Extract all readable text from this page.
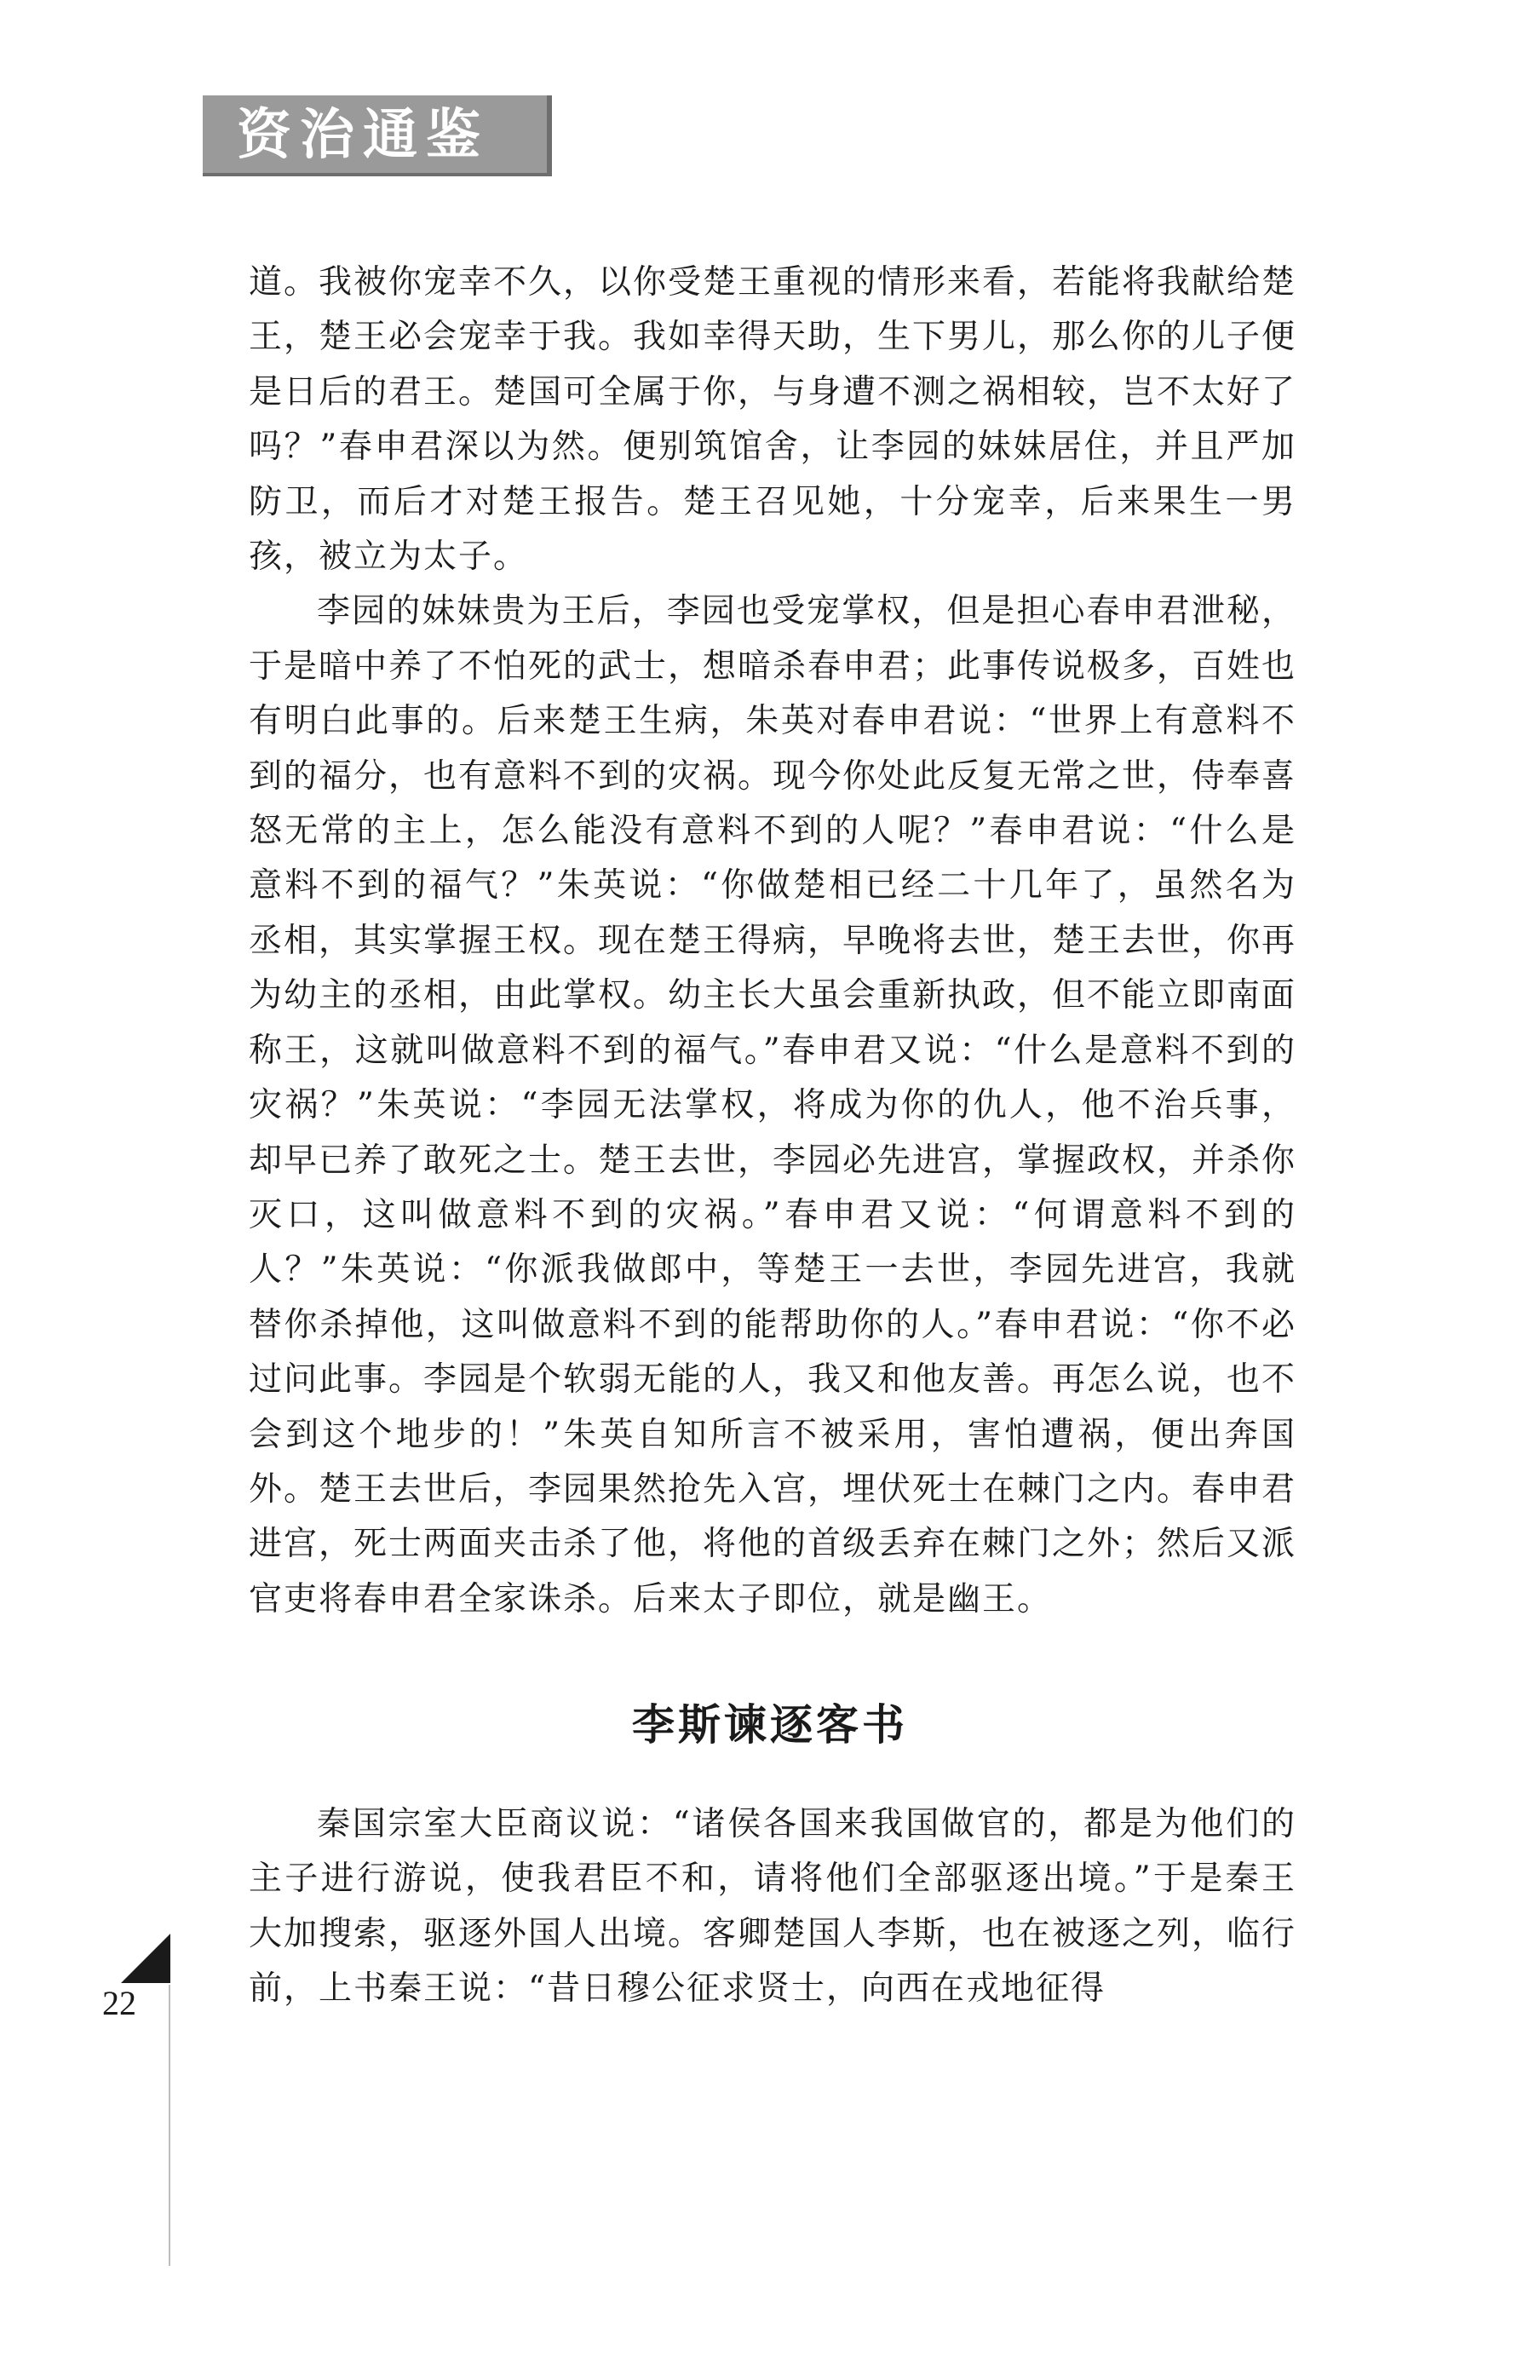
资治通鉴

道。我被你宠幸不久，以你受楚王重视的情形来看，若能将我献给楚王，楚王必会宠幸于我。我如幸得天助，生下男儿，那么你的儿子便是日后的君王。楚国可全属于你，与身遭不测之祸相较，岂不太好了吗？”春申君深以为然。便别筑馆舍，让李园的妹妹居住，并且严加防卫，而后才对楚王报告。楚王召见她，十分宠幸，后来果生一男孩，被立为太子。

李园的妹妹贵为王后，李园也受宠掌权，但是担心春申君泄秘，于是暗中养了不怕死的武士，想暗杀春申君；此事传说极多，百姓也有明白此事的。后来楚王生病，朱英对春申君说：“世界上有意料不到的福分，也有意料不到的灾祸。现今你处此反复无常之世，侍奉喜怒无常的主上，怎么能没有意料不到的人呢？”春申君说：“什么是意料不到的福气？”朱英说：“你做楚相已经二十几年了，虽然名为丞相，其实掌握王权。现在楚王得病，早晚将去世，楚王去世，你再为幼主的丞相，由此掌权。幼主长大虽会重新执政，但不能立即南面称王，这就叫做意料不到的福气。”春申君又说：“什么是意料不到的灾祸？”朱英说：“李园无法掌权，将成为你的仇人，他不治兵事，却早已养了敢死之士。楚王去世，李园必先进宫，掌握政权，并杀你灭口，这叫做意料不到的灾祸。”春申君又说：“何谓意料不到的人？”朱英说：“你派我做郎中，等楚王一去世，李园先进宫，我就替你杀掉他，这叫做意料不到的能帮助你的人。”春申君说：“你不必过问此事。李园是个软弱无能的人，我又和他友善。再怎么说，也不会到这个地步的！”朱英自知所言不被采用，害怕遭祸，便出奔国外。楚王去世后，李园果然抢先入宫，埋伏死士在棘门之内。春申君进宫，死士两面夹击杀了他，将他的首级丢弃在棘门之外；然后又派官吏将春申君全家诛杀。后来太子即位，就是幽王。

李斯谏逐客书

秦国宗室大臣商议说：“诸侯各国来我国做官的，都是为他们的主子进行游说，使我君臣不和，请将他们全部驱逐出境。”于是秦王大加搜索，驱逐外国人出境。客卿楚国人李斯，也在被逐之列，临行前，上书秦王说：“昔日穆公征求贤士，向西在戎地征得

22
